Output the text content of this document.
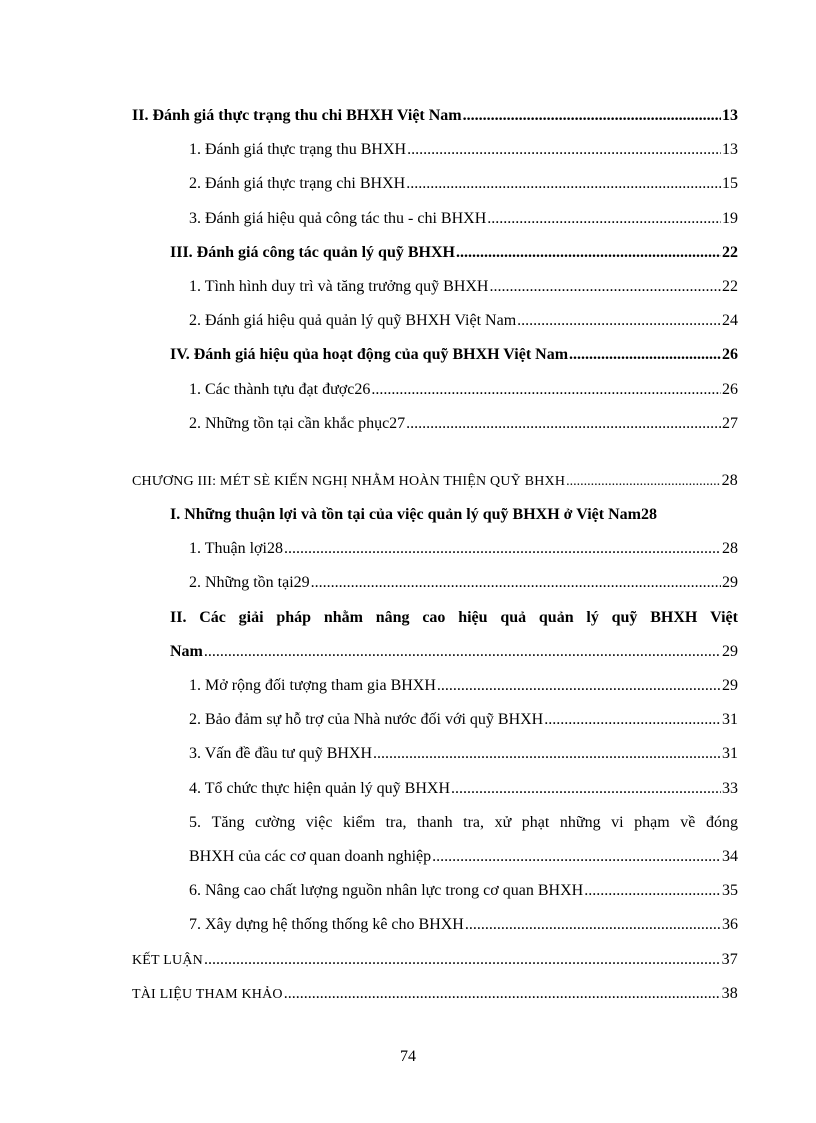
II. Đánh giá thực trạng thu chi BHXH Việt Nam .....	13
1. Đánh giá thực trạng thu BHXH .....	13
2. Đánh giá thực trạng chi BHXH .....	15
3. Đánh giá hiệu quả công tác thu - chi BHXH .....	19
III. Đánh giá công tác quản lý quỹ BHXH .....	22
1. Tình hình duy trì và tăng trưởng quỹ BHXH .....	22
2. Đánh giá hiệu quả quản lý quỹ BHXH Việt Nam .....	24
IV. Đánh giá hiệu qủa hoạt động của quỹ BHXH Việt Nam .....	26
1. Các thành tựu đạt được26 .....	26
2. Những tồn tại cần khắc phục27 .....	27
CHƯƠNG III: MÉT SÈ KIẾN NGHỊ NHẰM HOÀN THIỆN QUỸ BHXH .....	28
I. Những thuận lợi và tồn tại của việc quản lý quỹ BHXH ở Việt Nam 28
1. Thuận lợi28 .....	28
2. Những tồn tại29 .....	29
II. Các giải pháp nhằm nâng cao hiệu quả quản lý quỹ BHXH Việt
Nam .....	29
1. Mở rộng đối tượng tham gia BHXH .....	29
2. Bảo đảm sự hỗ trợ của Nhà nước đối với quỹ BHXH .....	31
3. Vấn đề đầu tư quỹ BHXH .....	31
4. Tổ chức thực hiện quản lý quỹ BHXH .....	33
5. Tăng cường việc kiểm tra, thanh tra, xử phạt những vi phạm về đóng
BHXH của các cơ quan doanh nghiệp .....	34
6. Nâng cao chất lượng nguồn nhân lực trong cơ quan BHXH .....	35
7. Xây dựng hệ thống thống kê cho BHXH .....	36
KẾT LUẬN .....	37
TÀI LIỆU THAM KHẢO .....	38
74
